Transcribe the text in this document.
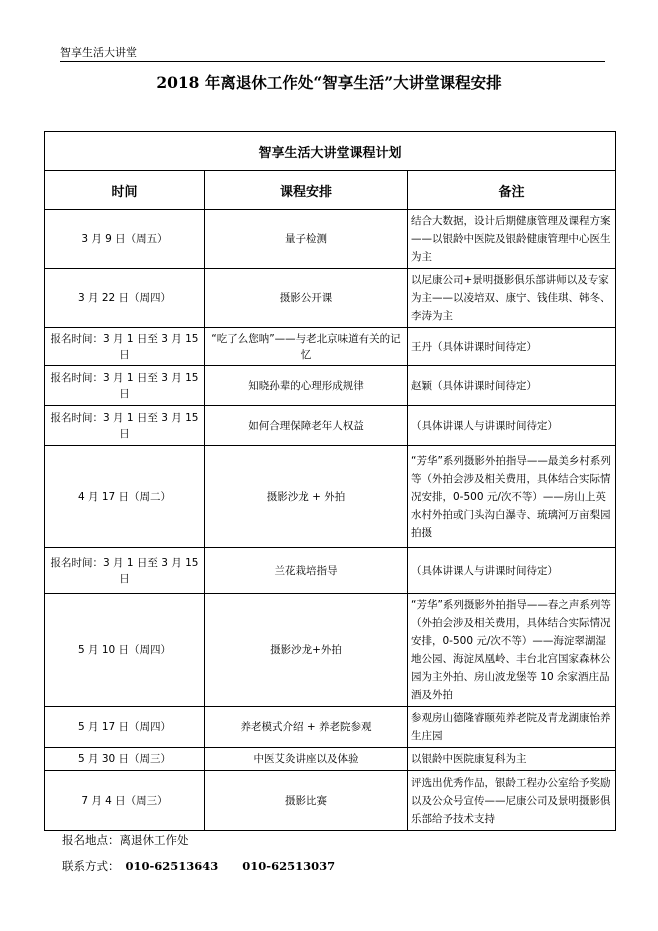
智享生活大讲堂
2018 年离退休工作处“智享生活”大讲堂课程安排
智享生活大讲堂课程计划		
时间	课程安排	备注
3 月 9 日（周五）	量子检测	结合大数据，设计后期健康管理及课程方案——以银龄中医院及银龄健康管理中心医生为主
3 月 22 日（周四）	摄影公开课	以尼康公司+景明摄影俱乐部讲师以及专家为主——以凌培双、康宁、钱佳琪、韩冬、李涛为主
报名时间：3 月 1 日至 3 月 15 日	“吃了么您呐”——与老北京味道有关的记忆	王丹（具体讲课时间待定）
报名时间：3 月 1 日至 3 月 15 日	知晓孙辈的心理形成规律	赵颖（具体讲课时间待定）
报名时间：3 月 1 日至 3 月 15 日	如何合理保障老年人权益	（具体讲课人与讲课时间待定）
4 月 17 日（周二）	摄影沙龙 + 外拍	“芳华”系列摄影外拍指导——最美乡村系列等（外拍会涉及相关费用，具体结合实际情况安排，0-500 元/次不等）——房山上英水村外拍或门头沟白瀑寺、琉璃河万亩梨园拍摄
报名时间：3 月 1 日至 3 月 15 日	兰花栽培指导	（具体讲课人与讲课时间待定）
5 月 10 日（周四）	摄影沙龙+外拍	“芳华”系列摄影外拍指导——春之声系列等（外拍会涉及相关费用，具体结合实际情况安排，0-500 元/次不等）——海淀翠湖湿地公园、海淀凤凰岭、丰台北宫国家森林公园为主外拍、房山波龙堡等 10 余家酒庄品酒及外拍
5 月 17 日（周四）	养老模式介绍 + 养老院参观	参观房山德隆睿颐苑养老院及青龙湖康怡养生庄园
5 月 30 日（周三）	中医艾灸讲座以及体验	以银龄中医院康复科为主
7 月 4 日（周三）	摄影比赛	评选出优秀作品，银龄工程办公室给予奖励以及公众号宣传——尼康公司及景明摄影俱乐部给予技术支持
报名地点：离退休工作处
联系方式： 010-62513643 010-62513037
